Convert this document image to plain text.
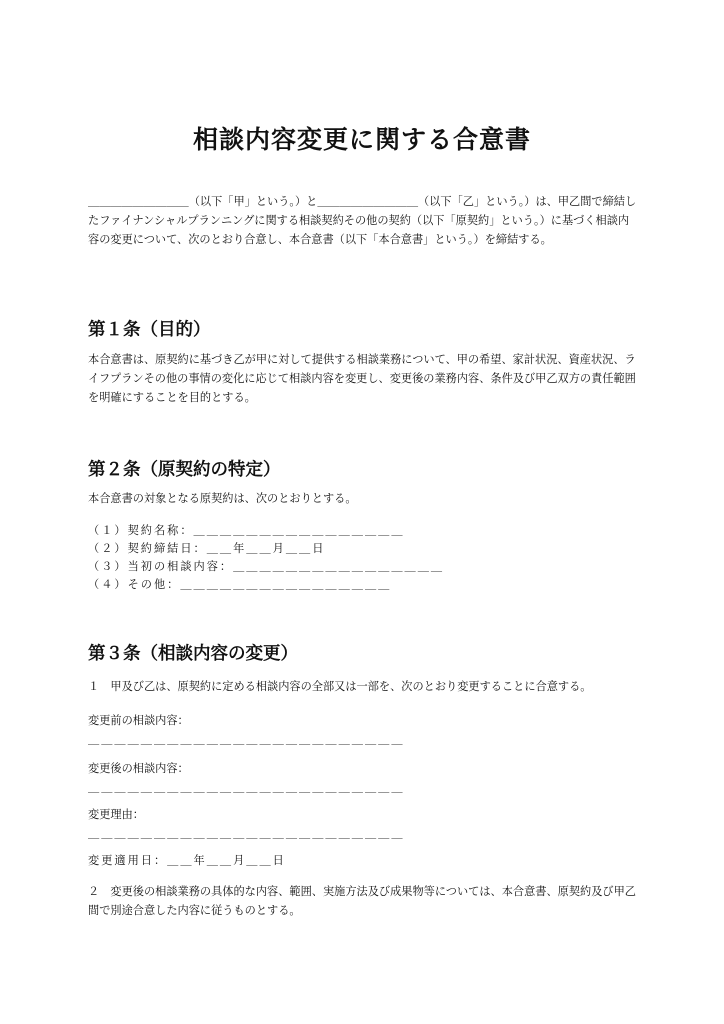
相談内容変更に関する合意書
＿＿＿＿＿＿＿＿＿（以下「甲」という。）と＿＿＿＿＿＿＿＿＿（以下「乙」という。）は、甲乙間で締結したファイナンシャルプランニングに関する相談契約その他の契約（以下「原契約」という。）に基づく相談内容の変更について、次のとおり合意し、本合意書（以下「本合意書」という。）を締結する。
第１条（目的）
本合意書は、原契約に基づき乙が甲に対して提供する相談業務について、甲の希望、家計状況、資産状況、ライフプランその他の事情の変化に応じて相談内容を変更し、変更後の業務内容、条件及び甲乙双方の責任範囲を明確にすることを目的とする。
第２条（原契約の特定）
本合意書の対象となる原契約は、次のとおりとする。
（１）契約名称：＿＿＿＿＿＿＿＿＿＿＿＿＿＿＿＿
（２）契約締結日：＿＿年＿＿月＿＿日
（３）当初の相談内容：＿＿＿＿＿＿＿＿＿＿＿＿＿＿＿＿
（４）その他：＿＿＿＿＿＿＿＿＿＿＿＿＿＿＿＿
第３条（相談内容の変更）
１　甲及び乙は、原契約に定める相談内容の全部又は一部を、次のとおり変更することに合意する。
変更前の相談内容：
＿＿＿＿＿＿＿＿＿＿＿＿＿＿＿＿＿＿＿＿＿＿＿＿
変更後の相談内容：
＿＿＿＿＿＿＿＿＿＿＿＿＿＿＿＿＿＿＿＿＿＿＿＿
変更理由：
＿＿＿＿＿＿＿＿＿＿＿＿＿＿＿＿＿＿＿＿＿＿＿＿
変更適用日：＿＿年＿＿月＿＿日
２　変更後の相談業務の具体的な内容、範囲、実施方法及び成果物等については、本合意書、原契約及び甲乙間で別途合意した内容に従うものとする。
